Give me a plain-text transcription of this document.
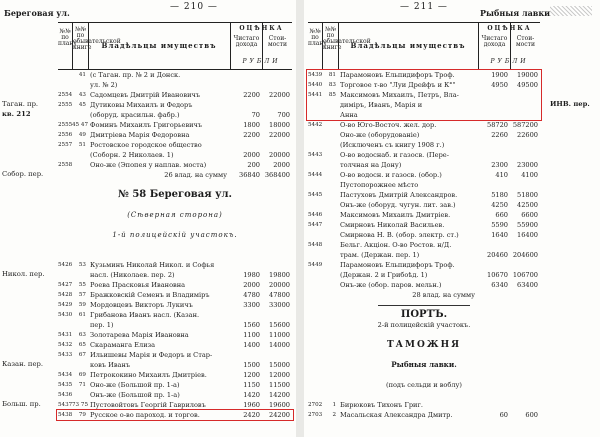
— 210 —
Береговая ул.
№№ по плану
№№ по обывательской книге	Владѣльцы имуществъ
ОЦѢНКА
Чистаго дохода
Стои- мости
РУБЛИ
41 (с Таган. пр. № 2 и Донск.
ул. № 2)
2554	43 Садомцевъ Дмитрій Ивановичъ	2200	22000
2555	45 Дутиковы Михаилъ и Федоръ
(оборуд. красильн. фабр.)	70	700
2555 45 47 Фоминъ Михаилъ Григорьевичъ	1800	18000
2556	49 Дмитріева Марія Федоровна	2200	22000
2557	51 Ростовское городское общество
(Соборн. 2 Николаев. 1)	2000	20000
2558	Оно-же (Эпопея у наплав. моста)	200	2000
26 влад. на сумму	36840 368400
№ 58 Береговая ул.
(Сѣверная сторона)
1-й полицейскій участокъ.
5426	53 Кузьминъ Николай Никол. и Софья
насл. (Николаев. пер. 2)	1980	19800
5427	55 Роева Прасковья Ивановна	2000	20000
5428	57 Бражковскій Семенъ и Владиміръ	4780	47800
5429	59 Мордовцевъ Викторъ Лукичъ	3300	33000
5430	61 Грибанова Иванъ насл. (Казан.
пер. 1)	1560	15600
5431	63 Золотарева Марія Ивановна	1100	11000
5432	65 Скарамангa Елиза	1400	14000
5433	67 Ильишевы Марія и Федоръ и Стар-
ковъ Иванъ	1500	15000
5434	69 Петрококино Михаилъ Дмитріев.	1200	12000
5435	71 Оно-же (Большой пр. 1-а)	1150	11500
5436	Онъ-же (Большой пр. 1-а)	1420	14200
5437 73 75 Пустовойтовъ Георгій Гавриловъ	1960	19600
5438	79 Русское о-во пароход. и торгов.	2420	24200
Таган. пр.
кв. 212
Собор. пер.
Никол. пер.
Казан. пер.
Больш. пр.
— 211 —
Рыбныя лавки
№№ по плану
№№ по обывательской книге	Владѣльцы имуществъ
ОЦѢНКА
Чистаго дохода
Стои- мости
РУБЛИ
5439	81 Парамоновъ Ельпидифоръ Троф.	1900	19000
5440	83 Торговое т-во "Луи Дрейфъ и К°"	4950	49500
5441	85 Максимовъ Михаилъ, Петръ, Вла-
диміръ, Иванъ, Марія и
Анна
5442	О-во Юго-Восточ. жел. дор.	58720 587200
Оно-же (оборудованіе)	2260	22600
(Исключенъ съ книгу 1908 г.)
5443	О-во водоснаб. и газосв. (Пере-
толчная на Дону)	2300	23000
5444	О-во водосн. и газосв. (обор.)	410	4100
Пустопорожнее мѣсто
5445	Пастуховъ Дмитрій Александров.	5180	51800
Онъ-же (оборуд. чугун. лит. зав.)	4250	42500
5446	Максимовъ Михаилъ Дмитріев.	660	6600
5447	Смирновъ Николай Васильев.	5590	55900
Смирнова Н. В. (обор. электр. ст.)	1640	16400
5448	Бельг. Акціон. О-во Ростов. н/Д.
трам. (Держан. пер. 1)	20460 204600
5449	Парамоновъ Ельпидифоръ Троф.
(Держан. 2 и Грибоѣд. 1)	10670 106700
Онъ-же (обор. паров. мельн.)	6340	63400
28 влад. на сумму
ПОРТЪ.
2-й полицейскій участокъ.
ТАМОЖНЯ
Рыбныя лавки.
(подъ сельди и воблу)
2702	1 Бирюковъ Тихонъ Григ.
2703	2 Масальская Александра Дмитр.	60	600
ИНВ. пер.
